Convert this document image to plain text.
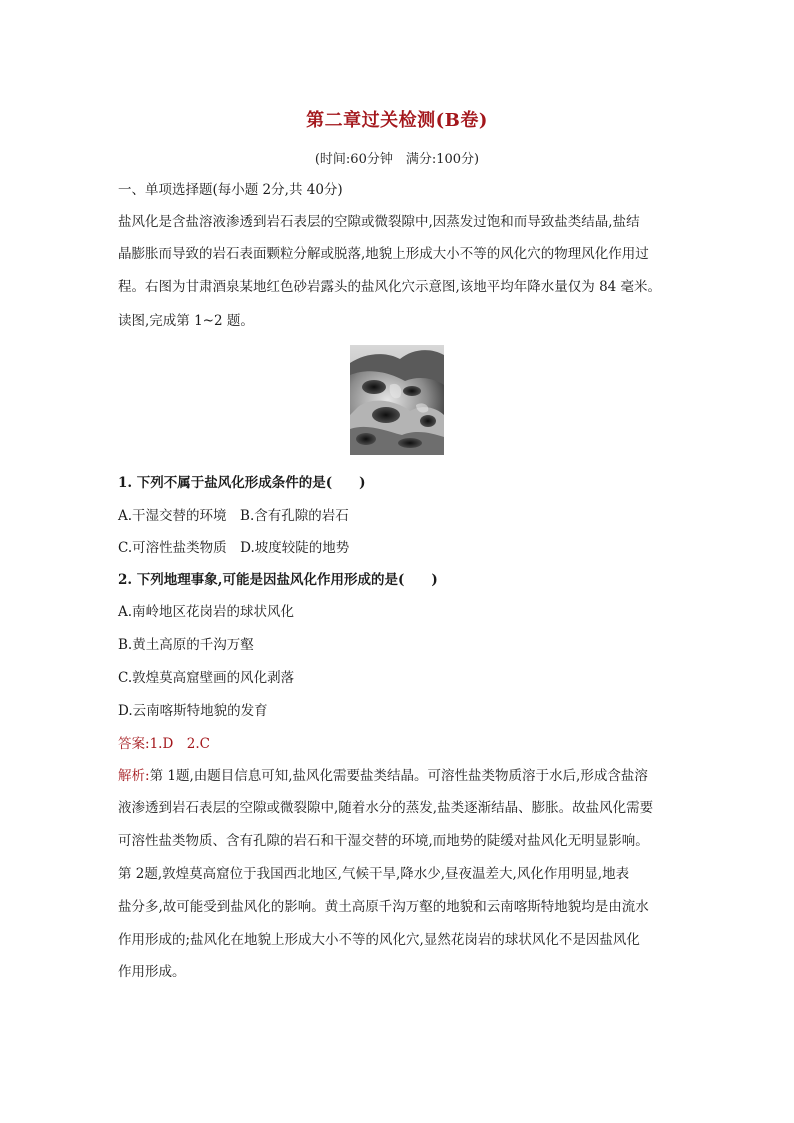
第二章过关检测(B卷)
(时间:60分钟　满分:100分)
一、单项选择题(每小题 2分,共 40分)
盐风化是含盐溶液渗透到岩石表层的空隙或微裂隙中,因蒸发过饱和而导致盐类结晶,盐结
晶膨胀而导致的岩石表面颗粒分解或脱落,地貌上形成大小不等的风化穴的物理风化作用过
程。右图为甘肃酒泉某地红色砂岩露头的盐风化穴示意图,该地平均年降水量仅为 84 毫米。
读图,完成第 1~2 题。
1. 下列不属于盐风化形成条件的是(　　)
A.干湿交替的环境　B.含有孔隙的岩石
C.可溶性盐类物质　D.坡度较陡的地势
2. 下列地理事象,可能是因盐风化作用形成的是(　　)
A.南岭地区花岗岩的球状风化
B.黄土高原的千沟万壑
C.敦煌莫高窟壁画的风化剥落
D.云南喀斯特地貌的发育
答案:1.D　2.C
解析:第 1题,由题目信息可知,盐风化需要盐类结晶。可溶性盐类物质溶于水后,形成含盐溶
液渗透到岩石表层的空隙或微裂隙中,随着水分的蒸发,盐类逐渐结晶、膨胀。故盐风化需要
可溶性盐类物质、含有孔隙的岩石和干湿交替的环境,而地势的陡缓对盐风化无明显影响。
第 2题,敦煌莫高窟位于我国西北地区,气候干旱,降水少,昼夜温差大,风化作用明显,地表
盐分多,故可能受到盐风化的影响。黄土高原千沟万壑的地貌和云南喀斯特地貌均是由流水
作用形成的;盐风化在地貌上形成大小不等的风化穴,显然花岗岩的球状风化不是因盐风化
作用形成。
